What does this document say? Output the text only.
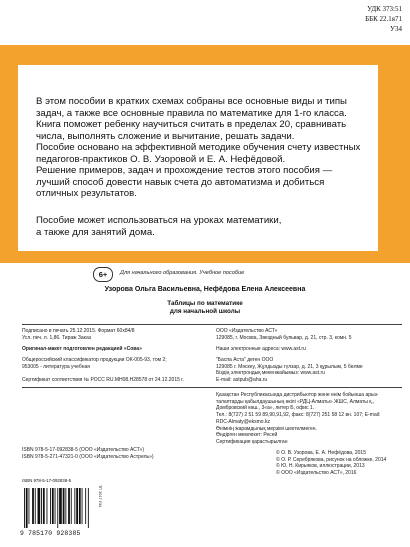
УДК 373:51
ББК 22.1я71
У34

В этом пособии в кратких схемах собраны все основные виды и типы

задач, а также все основные правила по математике для 1-го класса.

Книга поможет ребенку научиться считать в пределах 20, сравнивать

числа, выполнять сложение и вычитание, решать задачи.

Пособие основано на эффективной методике обучения счету известных

педагогов-практиков О. В. Узоровой и Е. А. Нефёдовой.

Решение примеров, задач и прохождение тестов этого пособия —

лучший способ довести навык счета до автоматизма и добиться

отличных результатов.

Пособие может использоваться на уроках математики,

а также для занятий дома.

6+	Для начального образования. Учебное пособие
Узорова Ольга Васильевна, Нефёдова Елена Алексеевна
Таблицы по математике
для начальной школы
Подписано в печать 25.12.2015. Формат 60x84/8
Усл. печ. л. 1,86. Тираж Заказ
Оригинал-макет подготовлен редакцией «Сова»
Общероссийский классификатор продукции ОК-005-93, том 2;
953005 - литература учебная
Сертификат соответствия № РОСС RU.МН08.Н28578 от 24.12.2015 г.
ООО «Издательство АСТ»
129085, г. Москва, Звездный бульвар, д. 21, стр. 3, комн. 5
Наши электронные адреса: www.ast.ru
"Баспа Аста" деген ООО
129085 г. Мәскеу, Жұлдызды гүлзар, д. 21, 3 құрылым, 5 бөлме
Біздің электрондық мекенжайымыз: www.ast.ru
E-mail: astpub@aha.ru
Қазақстан Республикасында дистрибьютор және өнім бойынша арыз-
талаптарды қабылдаушының өкілі «РДЦ-Алматы» ЖШС, Алматы қ.,
Домбровский көш., 3«а», литер Б, офис 1.
Тел.: 8(727) 2 51 59 89,90,91,92, факс: 8(727) 251 58 12 вн. 107; E-mail:
RDC-Almaty@eksmo.kz
Өнімнің жарамдылық мерзімі шектелмеген.
Өндірген мемлекет: Ресей
Сертификация қарастырылған
ISBN 978-5-17-092838-5 (ООО «Издательство АСТ»)
ISBN 978-5-271-47321-0 (ООО «Издательство Астрель»)
© О. В. Узорова, Е. А. Нефёдова, 2015
© О. Р. Серебрякова, рисунок на обложке, 2014
© Ю. Н. Кирьяков, иллюстрации, 2013
© ООО «Издательство АСТ», 2016
ISBN 978-5-17-092838-5
9 785170 928385
ТП 2017 У34
